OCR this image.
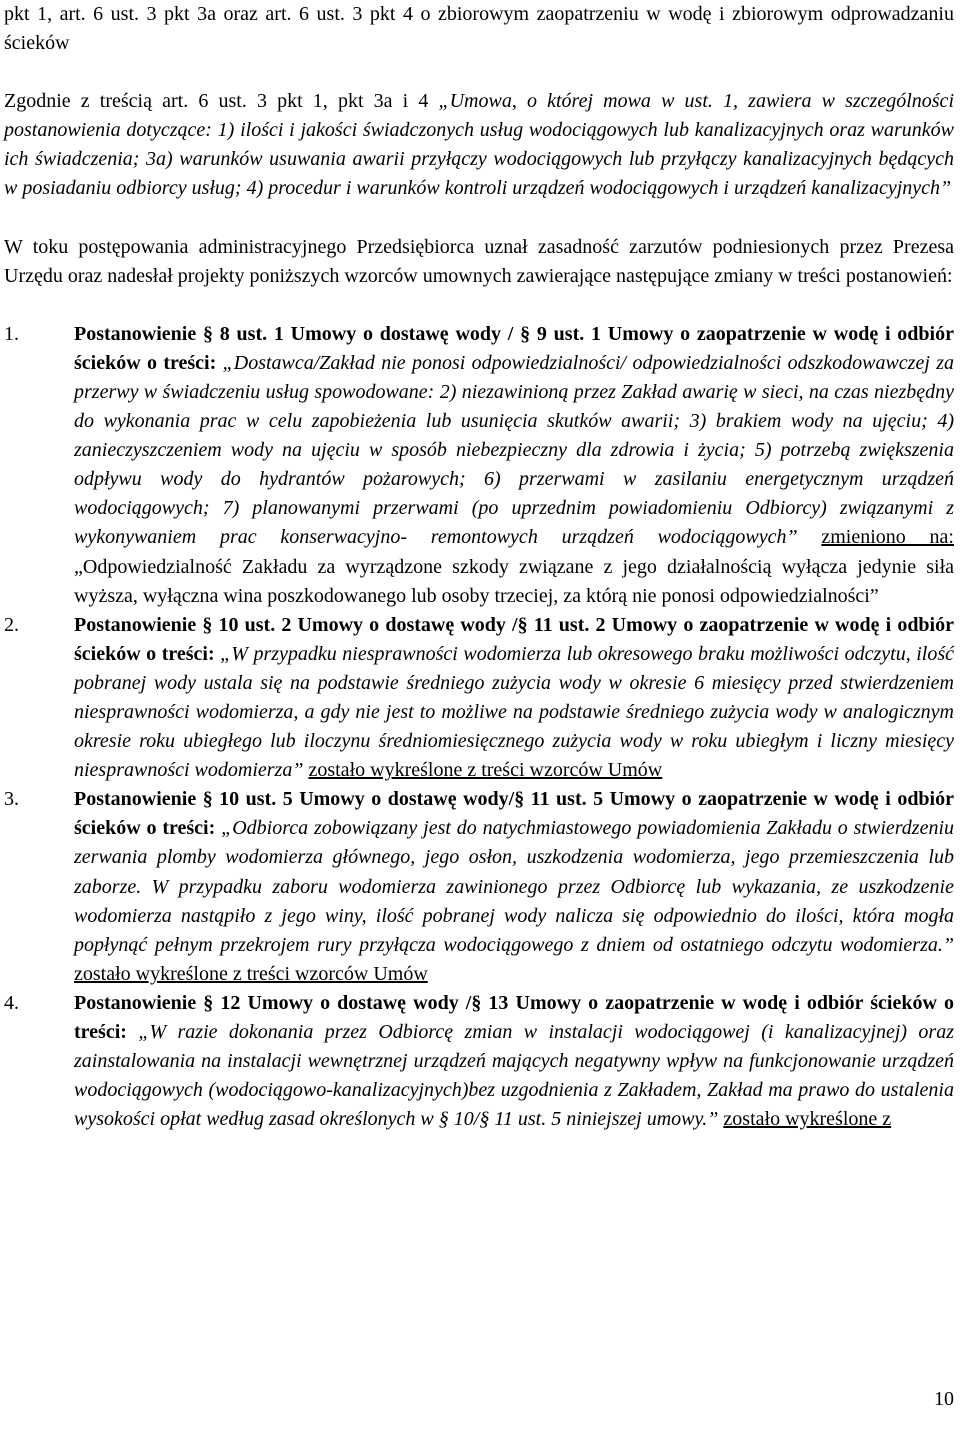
pkt 1, art. 6 ust. 3 pkt 3a oraz art. 6 ust. 3 pkt 4 o zbiorowym zaopatrzeniu w wodę i zbiorowym odprowadzaniu ścieków

Zgodnie z treścią art. 6 ust. 3 pkt 1, pkt 3a i 4 „Umowa, o której mowa w ust. 1, zawiera w szczególności postanowienia dotyczące: 1) ilości i jakości świadczonych usług wodociągowych lub kanalizacyjnych oraz warunków ich świadczenia; 3a) warunków usuwania awarii przyłączy wodociągowych lub przyłączy kanalizacyjnych będących w posiadaniu odbiorcy usług; 4) procedur i warunków kontroli urządzeń wodociągowych i urządzeń kanalizacyjnych”

W toku postępowania administracyjnego Przedsiębiorca uznał zasadność zarzutów podniesionych przez Prezesa Urzędu oraz nadesłał projekty poniższych wzorców umownych zawierające następujące zmiany w treści postanowień:

1.	Postanowienie § 8 ust. 1 Umowy o dostawę wody / § 9 ust. 1 Umowy o zaopatrzenie w wodę i odbiór ścieków o treści: „Dostawca/Zakład nie ponosi odpowiedzialności/ odpowiedzialności odszkodowawczej za przerwy w świadczeniu usług spowodowane: 2) niezawinioną przez Zakład awarię w sieci, na czas niezbędny do wykonania prac w celu zapobieżenia lub usunięcia skutków awarii; 3) brakiem wody na ujęciu; 4) zanieczyszczeniem wody na ujęciu w sposób niebezpieczny dla zdrowia i życia; 5) potrzebą zwiększenia odpływu wody do hydrantów pożarowych; 6) przerwami w zasilaniu energetycznym urządzeń wodociągowych; 7) planowanymi przerwami (po uprzednim powiadomieniu Odbiorcy) związanymi z wykonywaniem prac konserwacyjno- remontowych urządzeń wodociągowych” zmieniono na: „Odpowiedzialność Zakładu za wyrządzone szkody związane z jego działalnością wyłącza jedynie siła wyższa, wyłączna wina poszkodowanego lub osoby trzeciej, za którą nie ponosi odpowiedzialności”
2.	Postanowienie § 10 ust. 2 Umowy o dostawę wody /§ 11 ust. 2 Umowy o zaopatrzenie w wodę i odbiór ścieków o treści: „W przypadku niesprawności wodomierza lub okresowego braku możliwości odczytu, ilość pobranej wody ustala się na podstawie średniego zużycia wody w okresie 6 miesięcy przed stwierdzeniem niesprawności wodomierza, a gdy nie jest to możliwe na podstawie średniego zużycia wody w analogicznym okresie roku ubiegłego lub iloczynu średniomiesięcznego zużycia wody w roku ubiegłym i liczny miesięcy niesprawności wodomierza” zostało wykreślone z treści wzorców Umów
3.	Postanowienie § 10 ust. 5 Umowy o dostawę wody/§ 11 ust. 5 Umowy o zaopatrzenie w wodę i odbiór ścieków o treści: „Odbiorca zobowiązany jest do natychmiastowego powiadomienia Zakładu o stwierdzeniu zerwania plomby wodomierza głównego, jego osłon, uszkodzenia wodomierza, jego przemieszczenia lub zaborze. W przypadku zaboru wodomierza zawinionego przez Odbiorcę lub wykazania, ze uszkodzenie wodomierza nastąpiło z jego winy, ilość pobranej wody nalicza się odpowiednio do ilości, która mogła popłynąć pełnym przekrojem rury przyłącza wodociągowego z dniem od ostatniego odczytu wodomierza.” zostało wykreślone z treści wzorców Umów
4.	Postanowienie § 12 Umowy o dostawę wody /§ 13 Umowy o zaopatrzenie w wodę i odbiór ścieków o treści: „W razie dokonania przez Odbiorcę zmian w instalacji wodociągowej (i kanalizacyjnej) oraz zainstalowania na instalacji wewnętrznej urządzeń mających negatywny wpływ na funkcjonowanie urządzeń wodociągowych (wodociągowo-kanalizacyjnych)bez uzgodnienia z Zakładem, Zakład ma prawo do ustalenia wysokości opłat według zasad określonych w § 10/§ 11 ust. 5 niniejszej umowy.” zostało wykreślone z
10
